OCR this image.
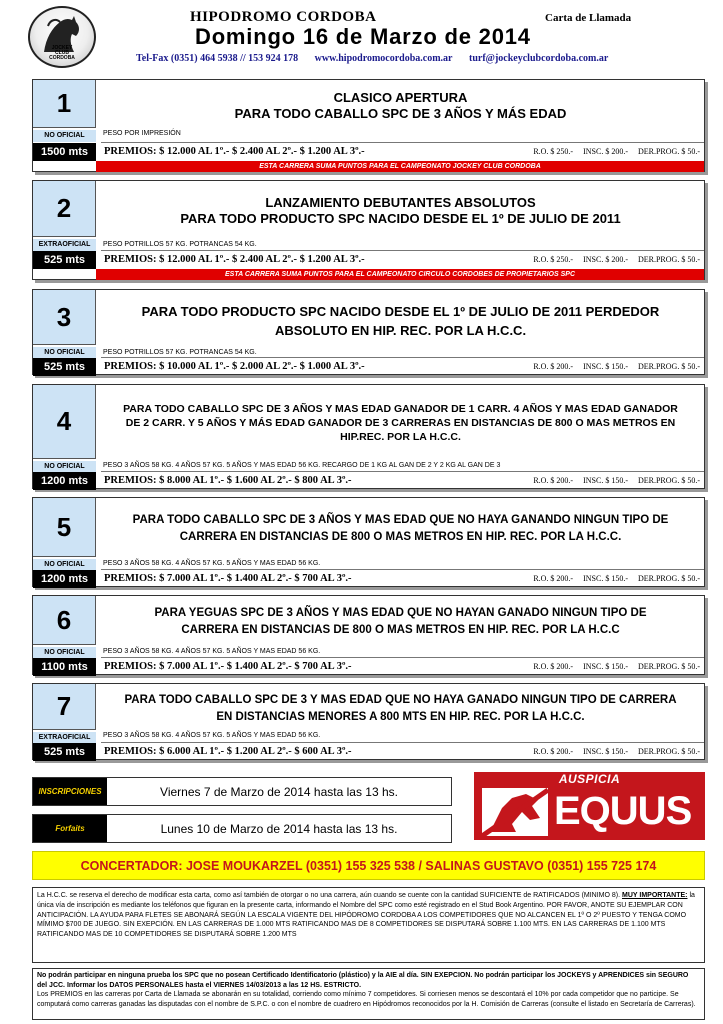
JOCKEY
CLUB
CORDOBA
HIPODROMO CORDOBA	Carta de Llamada
Domingo 16 de Marzo de 2014
Tel-Fax (0351) 464 5938 // 153 924 178 www.hipodromocordoba.com.ar turf@jockeyclubcordoba.com.ar
1
NO OFICIAL
CLASICO APERTURA
PARA TODO CABALLO SPC DE 3 AÑOS Y MÁS EDAD
PESO POR IMPRESIÓN
1500 mts	PREMIOS: $ 12.000 AL 1º.- $ 2.400 AL 2º.- $ 1.200 AL 3º.-	R.O. $ 250.- INSC. $ 200.- DER.PROG. $ 50.-
ESTA CARRERA SUMA PUNTOS PARA EL CAMPEONATO JOCKEY CLUB CORDOBA
2
EXTRAOFICIAL
LANZAMIENTO DEBUTANTES ABSOLUTOS
PARA TODO PRODUCTO SPC NACIDO DESDE EL 1º DE JULIO DE 2011
PESO POTRILLOS 57 KG. POTRANCAS 54 KG.
525 mts	PREMIOS: $ 12.000 AL 1º.- $ 2.400 AL 2º.- $ 1.200 AL 3º.-	R.O. $ 250.- INSC. $ 200.- DER.PROG. $ 50.-
ESTA CARRERA SUMA PUNTOS PARA EL CAMPEONATO CIRCULO CORDOBES DE PROPIETARIOS SPC
3
NO OFICIAL
PARA TODO PRODUCTO SPC NACIDO DESDE EL 1º DE JULIO DE 2011 PERDEDOR
ABSOLUTO EN HIP. REC. POR LA H.C.C.
PESO POTRILLOS 57 KG. POTRANCAS 54 KG.
525 mts	PREMIOS: $ 10.000 AL 1º.- $ 2.000 AL 2º.- $ 1.000 AL 3º.-	R.O. $ 200.- INSC. $ 150.- DER.PROG. $ 50.-
4
NO OFICIAL
PARA TODO CABALLO SPC DE 3 AÑOS Y MAS EDAD GANADOR DE 1 CARR. 4 AÑOS Y MAS EDAD GANADOR
DE 2 CARR. Y 5 AÑOS Y MÁS EDAD GANADOR DE 3 CARRERAS EN DISTANCIAS DE 800 O MAS METROS EN
HIP.REC. POR LA H.C.C.
PESO 3 AÑOS 58 KG. 4 AÑOS 57 KG. 5 AÑOS Y MAS EDAD 56 KG. RECARGO DE 1 KG AL GAN DE 2 Y 2 KG AL GAN DE 3
1200 mts	PREMIOS: $ 8.000 AL 1º.- $ 1.600 AL 2º.- $ 800 AL 3º.-	R.O. $ 200.- INSC. $ 150.- DER.PROG. $ 50.-
5
NO OFICIAL
PARA TODO CABALLO SPC DE 3 AÑOS Y MAS EDAD QUE NO HAYA GANANDO NINGUN TIPO DE
CARRERA EN DISTANCIAS DE 800 O MAS METROS EN HIP. REC. POR LA H.C.C.
PESO 3 AÑOS 58 KG. 4 AÑOS 57 KG. 5 AÑOS Y MAS EDAD 56 KG.
1200 mts	PREMIOS: $ 7.000 AL 1º.- $ 1.400 AL 2º.- $ 700 AL 3º.-	R.O. $ 200.- INSC. $ 150.- DER.PROG. $ 50.-
6
NO OFICIAL
PARA YEGUAS SPC DE 3 AÑOS Y MAS EDAD QUE NO HAYAN GANADO NINGUN TIPO DE
CARRERA EN DISTANCIAS DE 800 O MAS METROS EN HIP. REC. POR LA H.C.C
PESO 3 AÑOS 58 KG. 4 AÑOS 57 KG. 5 AÑOS Y MAS EDAD 56 KG.
1100 mts	PREMIOS: $ 7.000 AL 1º.- $ 1.400 AL 2º.- $ 700 AL 3º.-	R.O. $ 200.- INSC. $ 150.- DER.PROG. $ 50.-
7
EXTRAOFICIAL
PARA TODO CABALLO SPC DE 3 Y MAS EDAD QUE NO HAYA GANADO NINGUN TIPO DE CARRERA
EN DISTANCIAS MENORES A 800 MTS EN HIP. REC. POR LA H.C.C.
PESO 3 AÑOS 58 KG. 4 AÑOS 57 KG. 5 AÑOS Y MAS EDAD 56 KG.
525 mts	PREMIOS: $ 6.000 AL 1º.- $ 1.200 AL 2º.- $ 600 AL 3º.-	R.O. $ 200.- INSC. $ 150.- DER.PROG. $ 50.-
INSCRIPCIONES	Viernes 7 de Marzo de 2014 hasta las 13 hs.
Forfaits	Lunes 10 de Marzo de 2014 hasta las 13 hs.
AUSPICIA
EQUUS
CONCERTADOR: JOSE MOUKARZEL (0351) 155 325 538 / SALINAS GUSTAVO (0351) 155 725 174
La H.C.C. se reserva el derecho de modificar esta carta, como así también de otorgar o no una carrera, aún cuando se cuente con la cantidad SUFICIENTE de RATIFICADOS (MINIMO 8). MUY IMPORTANTE: la única vía de inscripción es mediante los teléfonos que figuran en la presente carta, informando el Nombre del SPC como esté registrado en el Stud Book Argentino. POR FAVOR, ANOTE SU EJEMPLAR CON ANTICIPACIÓN. LA AYUDA PARA FLETES SE ABONARÁ SEGÚN LA ESCALA VIGENTE DEL HIPÓDROMO CORDOBA A LOS COMPETIDORES QUE NO ALCANCEN EL 1º O 2º PUESTO Y TENGA COMO MÍMIMO $700 DE JUEGO. SIN EXEPCIÓN. EN LAS CARRERAS DE 1.000 MTS RATIFICANDO MAS DE 8 COMPETIDORES SE DISPUTARÁ SOBRE 1.100 MTS. EN LAS CARRERAS DE 1.100 MTS RATIFICANDO MAS DE 10 COMPETIDORES SE DISPUTARÁ SOBRE 1.200 MTS
No podrán participar en ninguna prueba los SPC que no posean Certificado Identificatorio (plástico) y la AIE al día. SIN EXEPCION. No podrán participar los JOCKEYS y APRENDICES sin SEGURO del JCC. Informar los DATOS PERSONALES hasta el VIERNES 14/03/2013 a las 12 HS. ESTRICTO.
Los PREMIOS en las carreras por Carta de Llamada se abonarán en su totalidad, corriendo como mínimo 7 competidores. Si corriesen menos se descontará el 10% por cada competidor que no participe. Se computará como carreras ganadas las disputadas con el nombre de S.P.C. o con el nombre de cuadrero en Hipódromos reconocidos por la H. Comisión de Carreras (consulte el listado en Secretaría de Carreras).
